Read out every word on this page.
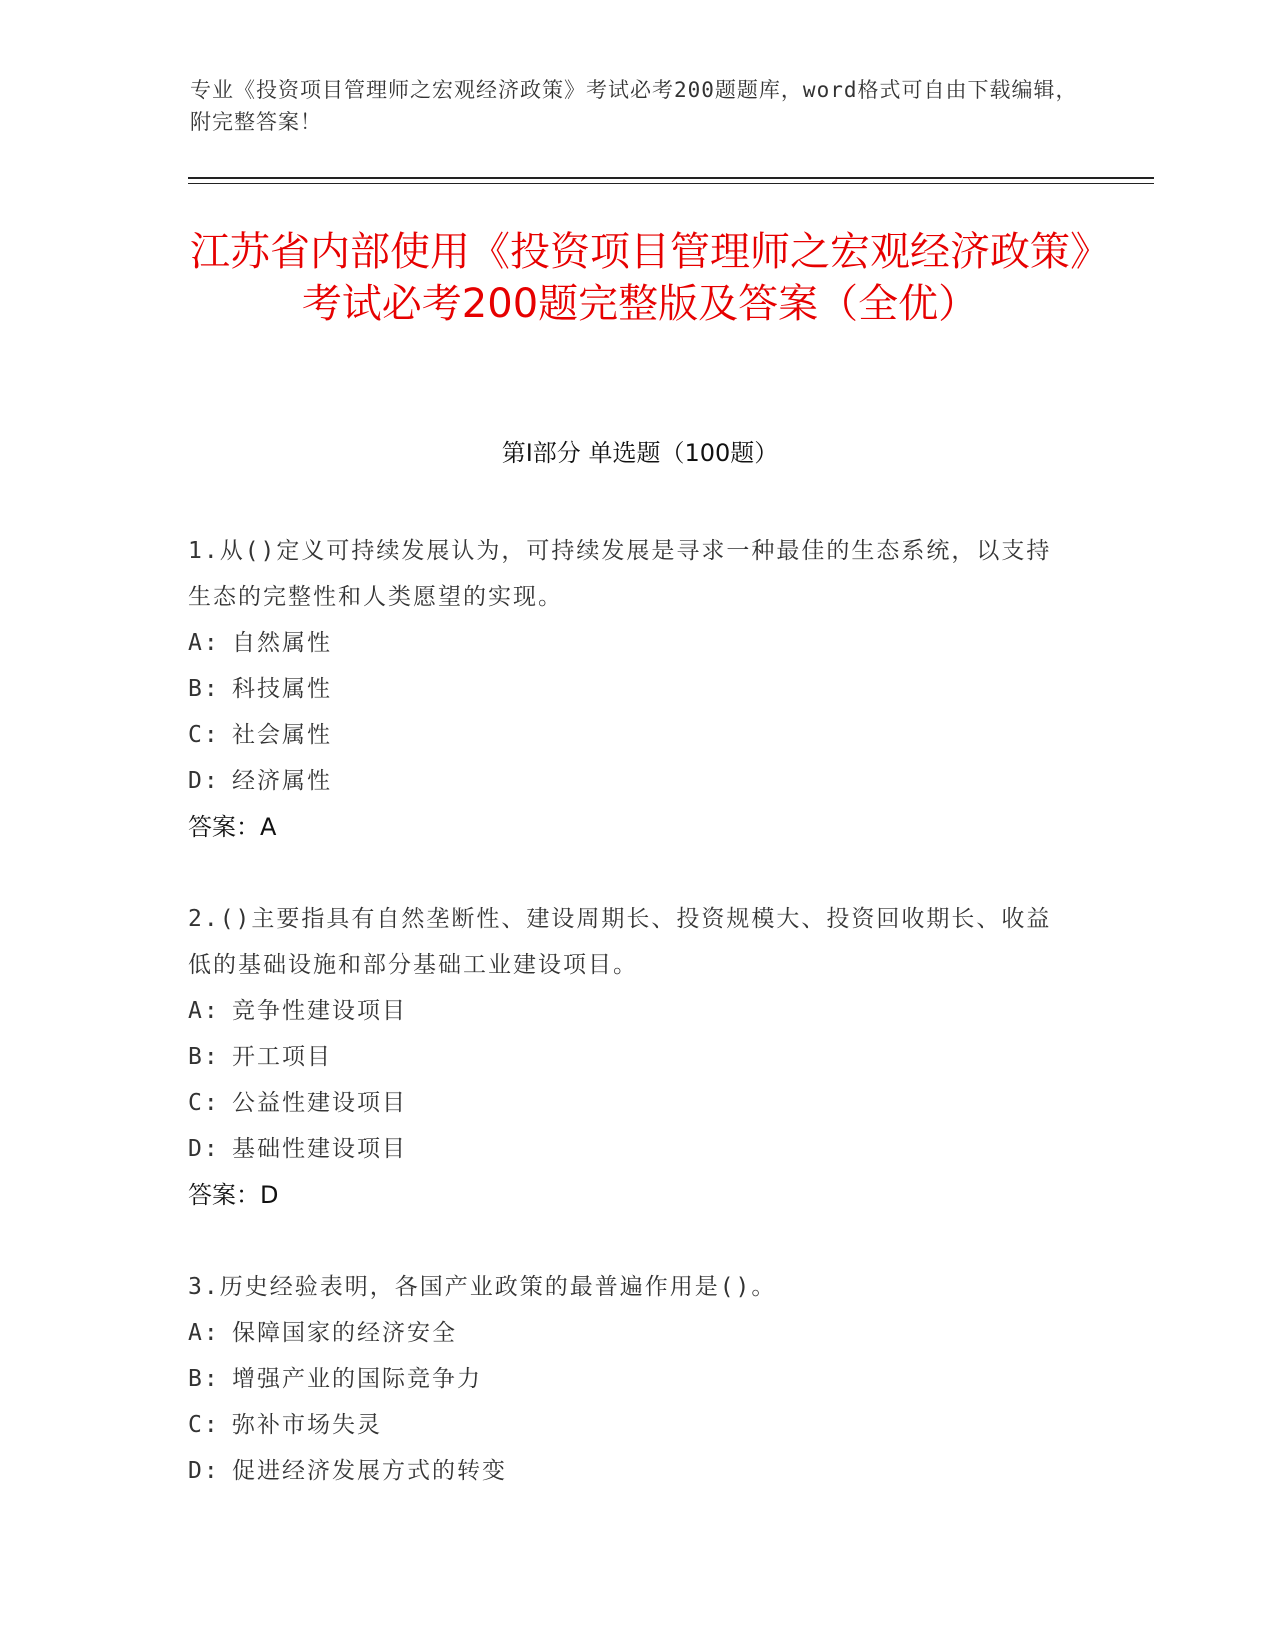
专业《投资项目管理师之宏观经济政策》考试必考200题题库，word格式可自由下载编辑，附完整答案！
江苏省内部使用《投资项目管理师之宏观经济政策》考试必考200题完整版及答案（全优）
第I部分 单选题（100题）
1.从()定义可持续发展认为，可持续发展是寻求一种最佳的生态系统，以支持生态的完整性和人类愿望的实现。
A: 自然属性
B: 科技属性
C: 社会属性
D: 经济属性
答案：A
2.()主要指具有自然垄断性、建设周期长、投资规模大、投资回收期长、收益低的基础设施和部分基础工业建设项目。
A: 竞争性建设项目
B: 开工项目
C: 公益性建设项目
D: 基础性建设项目
答案：D
3.历史经验表明，各国产业政策的最普遍作用是()。
A: 保障国家的经济安全
B: 增强产业的国际竞争力
C: 弥补市场失灵
D: 促进经济发展方式的转变
